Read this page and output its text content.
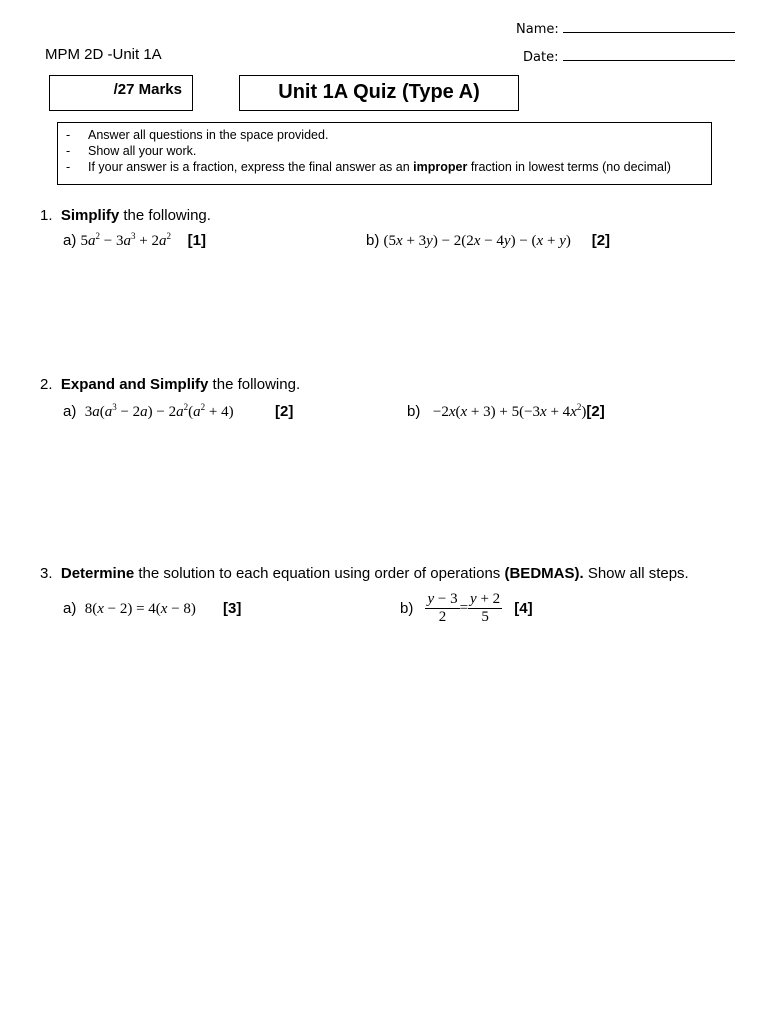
Name:
Date:
MPM 2D -Unit 1A
/27 Marks	Unit 1A Quiz (Type A)
-	Answer all questions in the space provided.
-	Show all your work.
-	If your answer is a fraction, express the final answer as an improper fraction in lowest terms (no decimal)
1. Simplify the following.
a) $5a^2 - 3a^3 + 2a^2$ [1]	b) (5x + 3y) − 2(2x − 4y) − (x + y) [2]
2. Expand and Simplify the following.
a) $3a(a^3 - 2a) - 2a^2(a^2 + 4)$	[2]	$b) -2x(x + 3) + 5(-3x + 4x^2)[2]$
3. Determine the solution to each equation using order of operations (BEDMAS). Show all steps.
a) 8(x − 2) = 4(x − 8) [3]	$b) \frac{y - 3}{2} = \frac{y + 2}{5} [4]$
